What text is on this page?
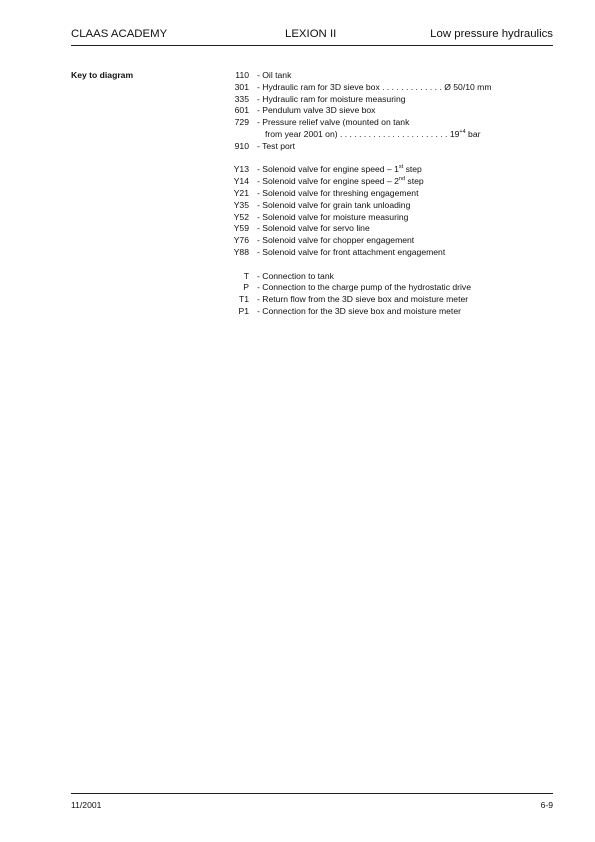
CLAAS ACADEMY	LEXION II	Low pressure hydraulics
Key to diagram	110 - Oil tank
301 - Hydraulic ram for 3D sieve box . . . . . . . . . . . . . Ø 50/10 mm
335 - Hydraulic ram for moisture measuring
601 - Pendulum valve 3D sieve box
729 - Pressure relief valve (mounted on tank
from year 2001 on) . . . . . . . . . . . . . . . . . . . . . . . $19^{+4}$ bar
910 - Test port
Y13 - Solenoid valve for engine speed – 1st step
Y14 - Solenoid valve for engine speed – 2nd step
Y21 - Solenoid valve for threshing engagement
Y35 - Solenoid valve for grain tank unloading
Y52 - Solenoid valve for moisture measuring
Y59 - Solenoid valve for servo line
Y76 - Solenoid valve for chopper engagement
Y88 - Solenoid valve for front attachment engagement
T - Connection to tank
P - Connection to the charge pump of the hydrostatic drive
T1 - Return flow from the 3D sieve box and moisture meter
P1 - Connection for the 3D sieve box and moisture meter
11/2001	6-9
